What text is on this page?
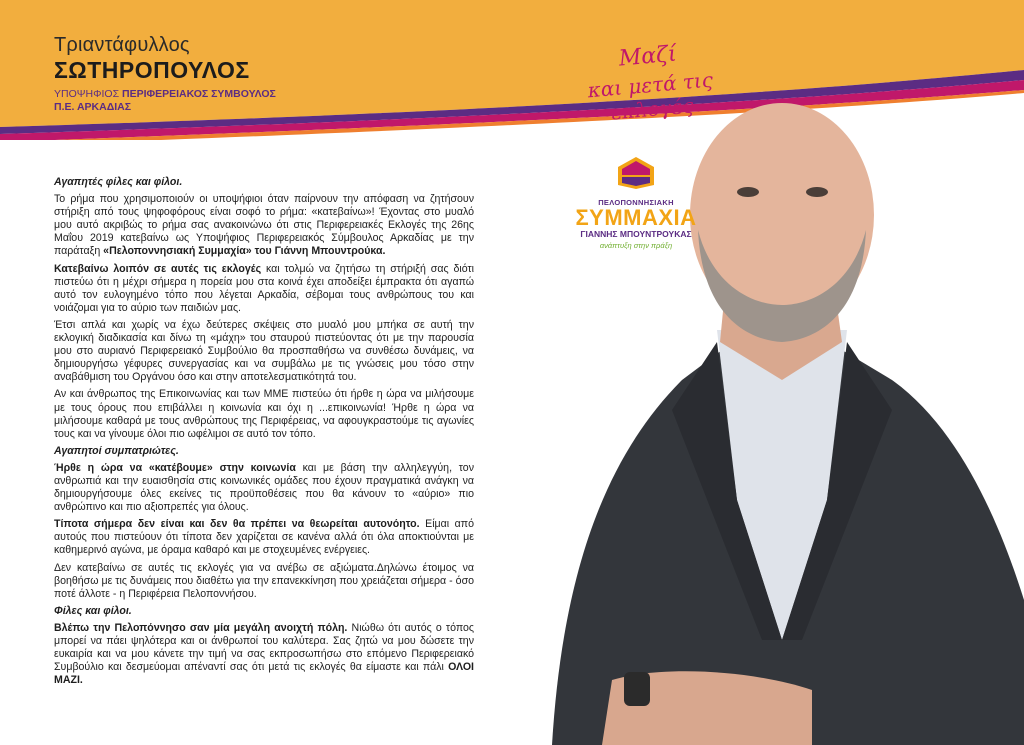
Τριαντάφυλλος
ΣΩΤΗΡΟΠΟΥΛΟΣ
ΥΠΟΨΗΦΙΟΣ ΠΕΡΙΦΕΡΕΙΑΚΟΣ ΣΥΜΒΟΥΛΟΣ
Π.Ε. ΑΡΚΑΔΙΑΣ
Μαζί
και μετά τις εκλογές
ΠΕΛΟΠΟΝΝΗΣΙΑΚΗ
ΣΥΜΜΑΧΙΑ
ΓΙΑΝΝΗΣ ΜΠΟΥΝΤΡΟΥΚΑΣ
ανάπτυξη στην πράξη

Αγαπητές φίλες και φίλοι.

Το ρήμα που χρησιμοποιούν οι υποψήφιοι όταν παίρνουν την απόφαση να ζητήσουν στήριξη από τους ψηφοφόρους είναι σοφό το ρήμα: «κατεβαίνω»! Έχοντας στο μυαλό μου αυτό ακριβώς το ρήμα σας ανακοινώνω ότι στις Περιφερειακές Εκλογές της 26ης Μαΐου 2019 κατεβαίνω ως Υποψήφιος Περιφερειακός Σύμβουλος Αρκαδίας με την παράταξη «Πελοποννησιακή Συμμαχία» του Γιάννη Μπουντρούκα.

Κατεβαίνω λοιπόν σε αυτές τις εκλογές και τολμώ να ζητήσω τη στήριξή σας διότι πιστεύω ότι η μέχρι σήμερα η πορεία μου στα κοινά έχει αποδείξει έμπρακτα ότι αγαπώ αυτό τον ευλογημένο τόπο που λέγεται Αρκαδία, σέβομαι τους ανθρώπους του και νοιάζομαι για το αύριο των παιδιών μας.

Έτσι απλά και χωρίς να έχω δεύτερες σκέψεις στο μυαλό μου μπήκα σε αυτή την εκλογική διαδικασία και δίνω τη «μάχη» του σταυρού πιστεύοντας ότι με την παρουσία μου στο αυριανό Περιφερειακό Συμβούλιο θα προσπαθήσω να συνθέσω δυνάμεις, να δημιουργήσω γέφυρες συνεργασίας και να συμβάλω με τις γνώσεις μου τόσο στην αναβάθμιση του Οργάνου όσο και στην αποτελεσματικότητά του.

Αν και άνθρωπος της Επικοινωνίας και των ΜΜΕ πιστεύω ότι ήρθε η ώρα να μιλήσουμε με τους όρους που επιβάλλει η κοινωνία και όχι η ...επικοινωνία! Ήρθε η ώρα να μιλήσουμε καθαρά με τους ανθρώπους της Περιφέρειας, να αφουγκραστούμε τις αγωνίες τους και να γίνουμε όλοι πιο ωφέλιμοι σε αυτό τον τόπο.

Αγαπητοί συμπατριώτες.

Ήρθε η ώρα να «κατέβουμε» στην κοινωνία και με βάση την αλληλεγγύη, τον ανθρωπιά και την ευαισθησία στις κοινωνικές ομάδες που έχουν πραγματικά ανάγκη να δημιουργήσουμε όλες εκείνες τις προϋποθέσεις που θα κάνουν το «αύριο» πιο ανθρώπινο και πιο αξιοπρεπές για όλους.

Τίποτα σήμερα δεν είναι και δεν θα πρέπει να θεωρείται αυτονόητο. Είμαι από αυτούς που πιστεύουν ότι τίποτα δεν χαρίζεται σε κανένα αλλά ότι όλα αποκτιούνται με καθημερινό αγώνα, με όραμα καθαρό και με στοχευμένες ενέργειες.

Δεν κατεβαίνω σε αυτές τις εκλογές για να ανέβω σε αξιώματα.Δηλώνω έτοιμος να βοηθήσω με τις δυνάμεις που διαθέτω για την επανεκκίνηση που χρειάζεται σήμερα - όσο ποτέ άλλοτε - η Περιφέρεια Πελοποννήσου.

Φίλες και φίλοι.

Βλέπω την Πελοπόννησο σαν μία μεγάλη ανοιχτή πόλη. Νιώθω ότι αυτός ο τόπος μπορεί να πάει ψηλότερα και οι άνθρωποί του καλύτερα. Σας ζητώ να μου δώσετε την ευκαιρία και να μου κάνετε την τιμή να σας εκπροσωπήσω στο επόμενο Περιφερειακό Συμβούλιο και δεσμεύομαι απέναντί σας ότι μετά τις εκλογές θα είμαστε και πάλι ΟΛΟΙ ΜΑΖΙ.
